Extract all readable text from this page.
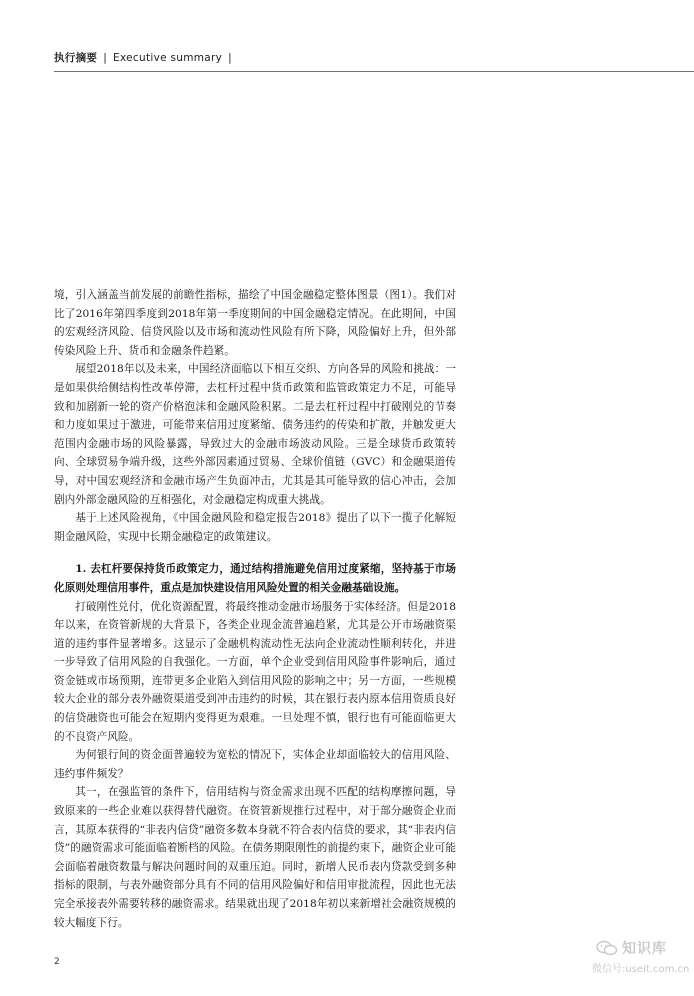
执行摘要 | Executive summary |

境，引入涵盖当前发展的前瞻性指标，描绘了中国金融稳定整体图景（图1）。我们对比了2016年第四季度到2018年第一季度期间的中国金融稳定情况。在此期间，中国的宏观经济风险、信贷风险以及市场和流动性风险有所下降，风险偏好上升，但外部传染风险上升、货币和金融条件趋紧。

展望2018年以及未来，中国经济面临以下相互交织、方向各异的风险和挑战：一是如果供给侧结构性改革停滞，去杠杆过程中货币政策和监管政策定力不足，可能导致和加剧新一轮的资产价格泡沫和金融风险积累。二是去杠杆过程中打破刚兑的节奏和力度如果过于激进，可能带来信用过度紧缩、债务违约的传染和扩散，并触发更大范围内金融市场的风险暴露，导致过大的金融市场波动风险。三是全球货币政策转向、全球贸易争端升级，这些外部因素通过贸易、全球价值链（GVC）和金融渠道传导，对中国宏观经济和金融市场产生负面冲击，尤其是其可能导致的信心冲击，会加剧内外部金融风险的互相强化，对金融稳定构成重大挑战。

基于上述风险视角，《中国金融风险和稳定报告2018》提出了以下一揽子化解短期金融风险，实现中长期金融稳定的政策建议。

1. 去杠杆要保持货币政策定力，通过结构措施避免信用过度紧缩，坚持基于市场化原则处理信用事件，重点是加快建设信用风险处置的相关金融基础设施。

打破刚性兑付，优化资源配置，将最终推动金融市场服务于实体经济。但是2018年以来，在资管新规的大背景下，各类企业现金流普遍趋紧，尤其是公开市场融资渠道的违约事件显著增多。这显示了金融机构流动性无法向企业流动性顺利转化，并进一步导致了信用风险的自我强化。一方面，单个企业受到信用风险事件影响后，通过资金链或市场预期，连带更多企业陷入到信用风险的影响之中；另一方面，一些规模较大企业的部分表外融资渠道受到冲击违约的时候，其在银行表内原本信用资质良好的信贷融资也可能会在短期内变得更为艰难。一旦处理不慎，银行也有可能面临更大的不良资产风险。

为何银行间的资金面普遍较为宽松的情况下，实体企业却面临较大的信用风险、违约事件频发？

其一，在强监管的条件下，信用结构与资金需求出现不匹配的结构摩擦问题，导致原来的一些企业难以获得替代融资。在资管新规推行过程中，对于部分融资企业而言，其原本获得的“非表内信贷”融资多数本身就不符合表内信贷的要求，其“非表内信贷”的融资需求可能面临着断档的风险。在债务期限刚性的前提约束下，融资企业可能会面临着融资数量与解决问题时间的双重压迫。同时，新增人民币表内贷款受到多种指标的限制，与表外融资部分具有不同的信用风险偏好和信用审批流程，因此也无法完全承接表外需要转移的融资需求。结果就出现了2018年初以来新增社会融资规模的较大幅度下行。

2
知识库
微信号:useit.com.cn
